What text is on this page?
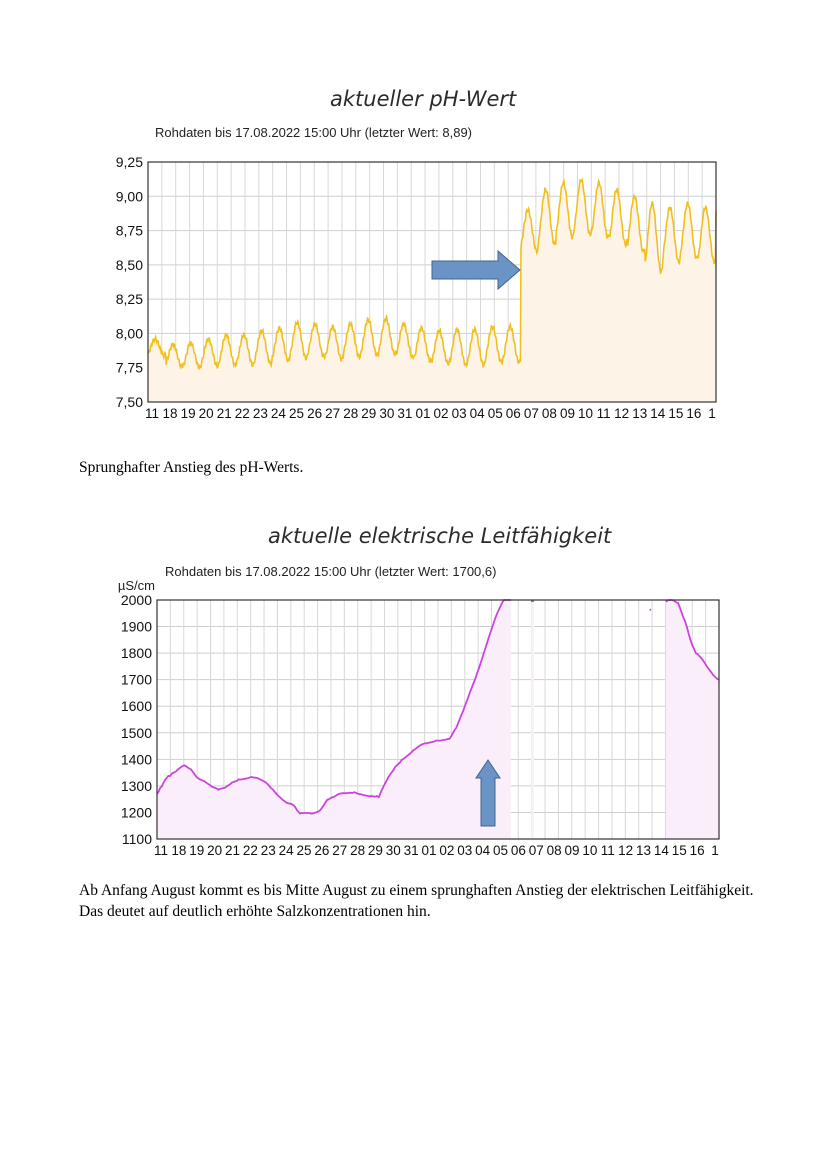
aktueller pH-Wert
Rohdaten bis 17.08.2022 15:00 Uhr (letzter Wert: 8,89)
9,25
9,00
8,75
8,50
8,25
8,00
7,75
7,50
11 18 19 20 21 22 23 24 25 26 27 28 29 30 31 01 02 03 04 05 06 07 08 09 10 11 12 13 14 15 16 1
Sprunghafter Anstieg des pH-Werts.
aktuelle elektrische Leitfähigkeit
Rohdaten bis 17.08.2022 15:00 Uhr (letzter Wert: 1700,6)
µS/cm
2000
1900
1800
1700
1600
1500
1400
1300
1200
1100
11 18 19 20 21 22 23 24 25 26 27 28 29 30 31 01 02 03 04 05 06 07 08 09 10 11 12 13 14 15 16 1
Ab Anfang August kommt es bis Mitte August zu einem sprunghaften Anstieg der elektrischen Leitfähigkeit. Das deutet auf deutlich erhöhte Salzkonzentrationen hin.
